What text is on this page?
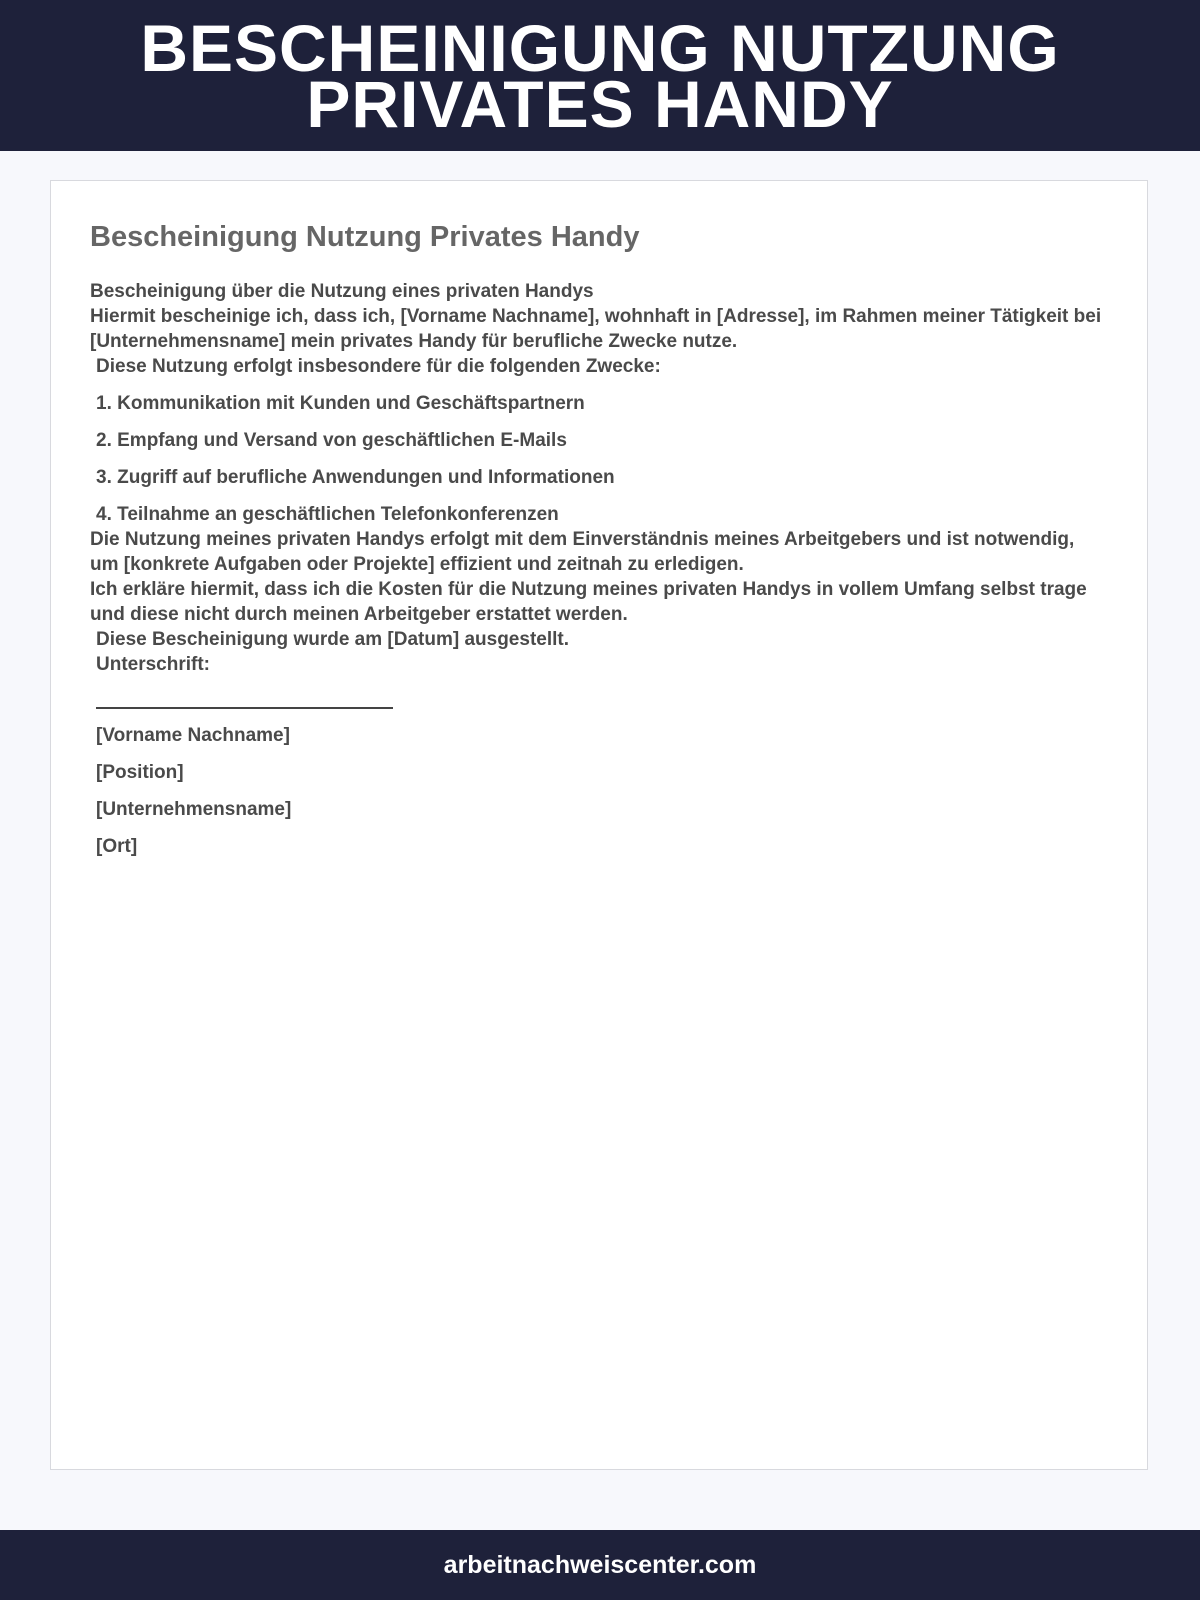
BESCHEINIGUNG NUTZUNG PRIVATES HANDY
Bescheinigung Nutzung Privates Handy

Bescheinigung über die Nutzung eines privaten Handys

Hiermit bescheinige ich, dass ich, [Vorname Nachname], wohnhaft in [Adresse], im Rahmen meiner Tätigkeit bei [Unternehmensname] mein privates Handy für berufliche Zwecke nutze.

Diese Nutzung erfolgt insbesondere für die folgenden Zwecke:

1. Kommunikation mit Kunden und Geschäftspartnern
2. Empfang und Versand von geschäftlichen E-Mails
3. Zugriff auf berufliche Anwendungen und Informationen
4. Teilnahme an geschäftlichen Telefonkonferenzen

Die Nutzung meines privaten Handys erfolgt mit dem Einverständnis meines Arbeitgebers und ist notwendig, um [konkrete Aufgaben oder Projekte] effizient und zeitnah zu erledigen.

Ich erkläre hiermit, dass ich die Kosten für die Nutzung meines privaten Handys in vollem Umfang selbst trage und diese nicht durch meinen Arbeitgeber erstattet werden.

Diese Bescheinigung wurde am [Datum] ausgestellt.

Unterschrift:

[Vorname Nachname]

[Position]

[Unternehmensname]

[Ort]

arbeitnachweiscenter.com
